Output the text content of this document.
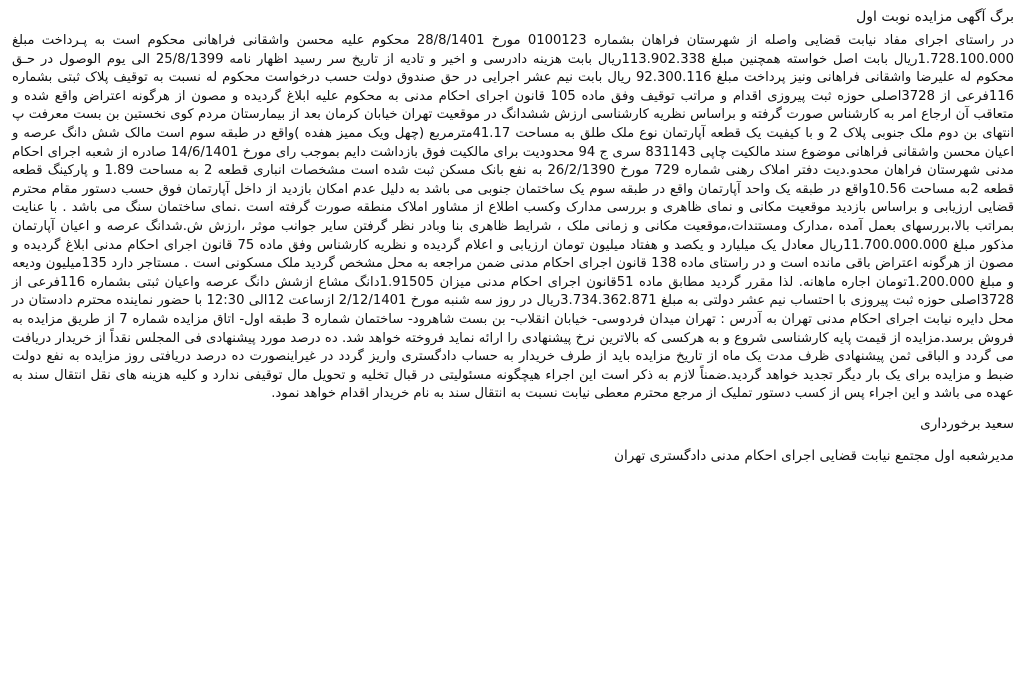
برگ آگهی مزایده نوبت اول

در راستای اجرای مفاد نیابت قضایی واصله از شهرستان فراهان بشماره 0100123 مورخ 28/8/1401 محکوم علیه محسن واشقانی فراهانی محکوم است به پـرداخت مبلغ 1.728.100.000ریال بابت اصل خواسته همچنین مبلغ 113.902.338ریال بابت هزینه دادرسی و اخیر و تادیه از تاریخ سر رسید اظهار نامه 25/8/1399 الی یوم الوصول در حـق محکوم له علیرضا واشقانی فراهانی ونیز پرداخت مبلغ 92.300.116 ریال بابت نیم عشر اجرایی در حق صندوق دولت حسب درخواست محکوم له نسبت به توقیف پلاک ثبتی بشماره 116فرعی از 3728اصلی حوزه ثبت پیروزی اقدام و مراتب توقیف وفق ماده 105 قانون اجرای احکام مدنی به محکوم علیه ابلاغ گردیده و مصون از هرگونه اعتراض واقع شده و متعاقب آن ارجاع امر به کارشناس صورت گرفته و براساس نظریه کارشناسی ارزش ششدانگ در موقعیت تهران خیابان کرمان بعد از بیمارستان مردم کوی نخستین بن بست معرفت پ انتهای بن دوم ملک جنوبی پلاک 2 و با کیفیت یک قطعه آپارتمان نوع ملک طلق به مساحت 41.17مترمربع (چهل ویک ممیز هفده )واقع در طبقه سوم است مالک شش دانگ عرصه و اعیان محسن واشقانی فراهانی موضوع سند مالکیت چاپی 831143 سری ج 94 محدودیت برای مالکیت فوق بازداشت دایم بموجب رای مورخ 14/6/1401 صادره از شعبه اجرای احکام مدنی شهرستان فراهان محدو.دیت دفتر املاک رهنی شماره 729 مورخ 26/2/1390 به نفع بانک مسکن ثبت شده است مشخصات انباری قطعه 2 به مساحت 1.89 و پارکینگ قطعه قطعه 2به مساحت 10.56واقع در طبقه یک واحد آپارتمان واقع در طبقه سوم یک ساختمان جنوبی می باشد به دلیل عدم امکان بازدید از داخل آپارتمان فوق حسب دستور مقام محترم قضایی ارزیابی و براساس بازدید موقعیت مکانی و نمای ظاهری و بررسی مدارک وکسب اطلاع از مشاور املاک منطقه صورت گرفته است .نمای ساختمان سنگ می باشد . با عنایت بمراتب بالا،بررسهای بعمل آمده ،مدارک ومستندات،موقعیت مکانی و زمانی ملک ، شرایط ظاهری بنا وبادر نظر گرفتن سایر جوانب موثر ،ارزش ش.شدانگ عرصه و اعیان آپارتمان مذکور مبلغ 11.700.000.000ریال معادل یک میلیارد و یکصد و هفتاد میلیون تومان ارزیابی و اعلام گردیده و نظریه کارشناس وفق ماده 75 قانون اجرای احکام مدنی ابلاغ گردیده و مصون از هرگونه اعتراض باقی مانده است و در راستای ماده 138 قانون اجرای احکام مدنی ضمن مراجعه به محل مشخص گردید ملک مسکونی است . مستاجر دارد 135میلیون ودیعه و مبلغ 1.200.000تومان اجاره ماهانه. لذا مقرر گردید مطابق ماده 51قانون اجرای احکام مدنی میزان 1.91505دانگ مشاع ازشش دانگ عرصه واعیان ثبتی بشماره 116فرعی از 3728اصلی حوزه ثبت پیروزی با احتساب نیم عشر دولتی به مبلغ 3.734.362.871ریال در روز سه شنبه مورخ 2/12/1401 ازساعت 12الی 12:30 با حضور نماینده محترم دادستان در محل دایره نیابت اجرای احکام مدنی تهران به آدرس : تهران میدان فردوسی- خیابان انقلاب- بن بست شاهرود- ساختمان شماره 3 طبقه اول- اتاق مزایده شماره 7 از طریق مزایده به فروش برسد.مزایده از قیمت پایه کارشناسی شروع و به هرکسی که بالاترین نرخ پیشنهادی را ارائه نماید فروخته خواهد شد. ده درصد مورد پیشنهادی فی المجلس نقداً از خریدار دریافت می گردد و الباقی ثمن پیشنهادی ظرف مدت یک ماه از تاریخ مزایده باید از طرف خریدار به حساب دادگستری واریز گردد در غیراینصورت ده درصد دریافتی روز مزایده به نفع دولت ضبط و مزایده برای یک بار دیگر تجدید خواهد گردید.ضمناً لازم به ذکر است این اجراء هیچگونه مسئولیتی در قبال تخلیه و تحویل مال توقیفی ندارد و کلیه هزینه های نقل انتقال سند به عهده می باشد و این اجراء پس از کسب دستور تملیک از مرجع محترم معطی نیابت نسبت به انتقال سند به نام خریدار اقدام خواهد نمود.

سعید برخورداری
مدیرشعبه اول مجتمع نیابت قضایی اجرای احکام مدنی دادگستری تهران
